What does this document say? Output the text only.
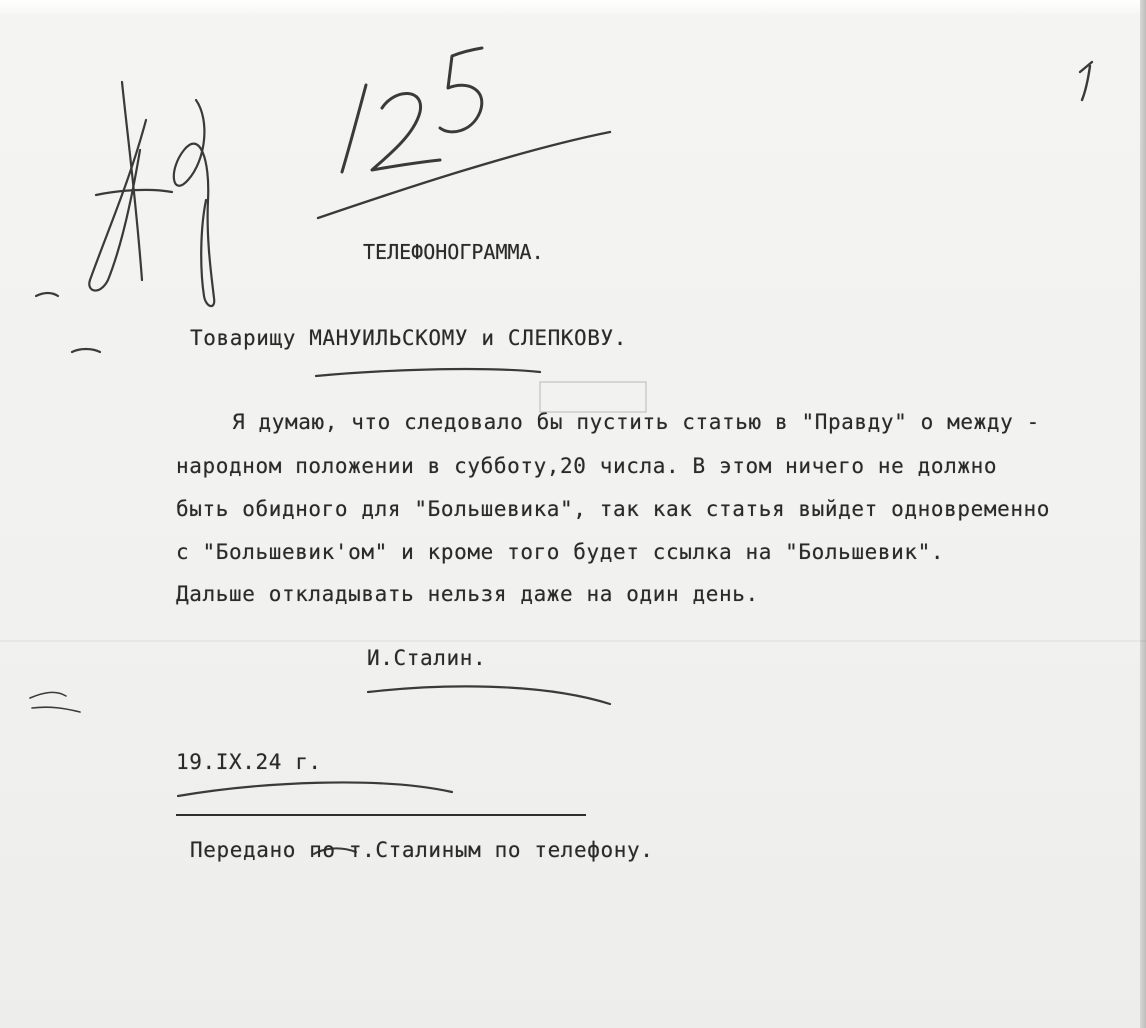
ТЕЛЕФОНОГРАММА.
Товарищу МАНУИЛЬСКОМУ и СЛЕПКОВУ.
Я думаю, что следовало бы пустить статью в "Правду" о между -
народном положении в субботу,20 числа. В этом ничего не должно
быть обидного для "Большевика", так как статья выйдет одновременно
с "Большевик'ом" и кроме того будет ссылка на "Большевик".
Дальше откладывать нельзя даже на один день.
И.Сталин.
19.IX.24 г.
Передано по т.Сталиным по телефону.
